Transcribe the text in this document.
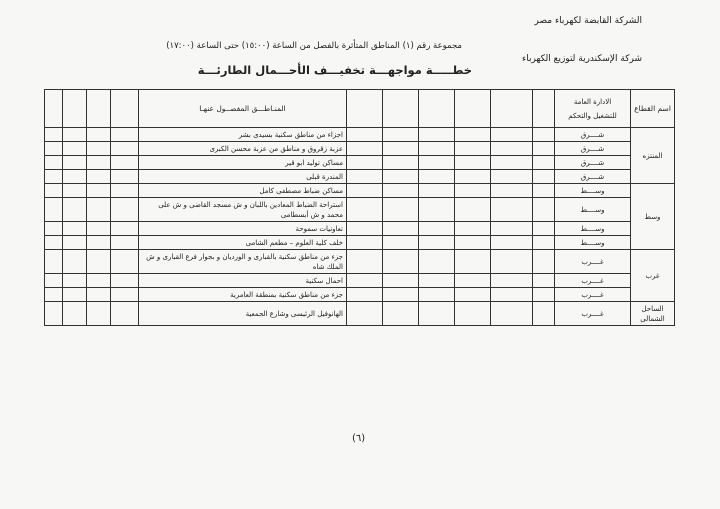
الشركة القابضة لكهرباء مصر
شركة الإسكندرية لتوزيع الكهرباء
مجموعة رقم (١) المناطق المتأثرة بالفصل من الساعة (١٥:٠٠) حتى الساعة (١٧:٠٠)
خطـــــة مواجهـــة تخفيـــف الأحـــمال الطارئـــة
اسم القطاع	الادارة العامة
للتشغيل والتحكم							المنـاطـــق المفصــول عنهـا				
المنتزه	شــــرق							اجزاء من مناطق سكنية بسيدى بشر				
	شــــرق							عزبة زقروق و مناطق من عزبة محسن الكبرى				
	شــــرق							مساكن توليد ابو قير				
	شــــرق							المندرة قبلى				
وسط	وســــط							مساكن ضباط مصطفى كامل				
	وســــط							استراحة الضباط المعادين باللبان و ش مسجد القاضى و ش على محمد و ش أبسطامى				
	وســــط							تعاونيات سموحة				
	وســــط							خلف كلية العلوم – مطعم الشامى				
غرب	غــــرب							جزء من مناطق سكنية بالقبارى و الوردیان و بجوار فرع القبارى و ش الملك شاه				
	غــــرب							احمال سكنية				
	غــــرب							جزء من مناطق سكنية بمنطقة العامرية				
الساحل الشمالى	غــــرب							الهانوفيل الرئيسى وشارع الجمعية				
(٦)
